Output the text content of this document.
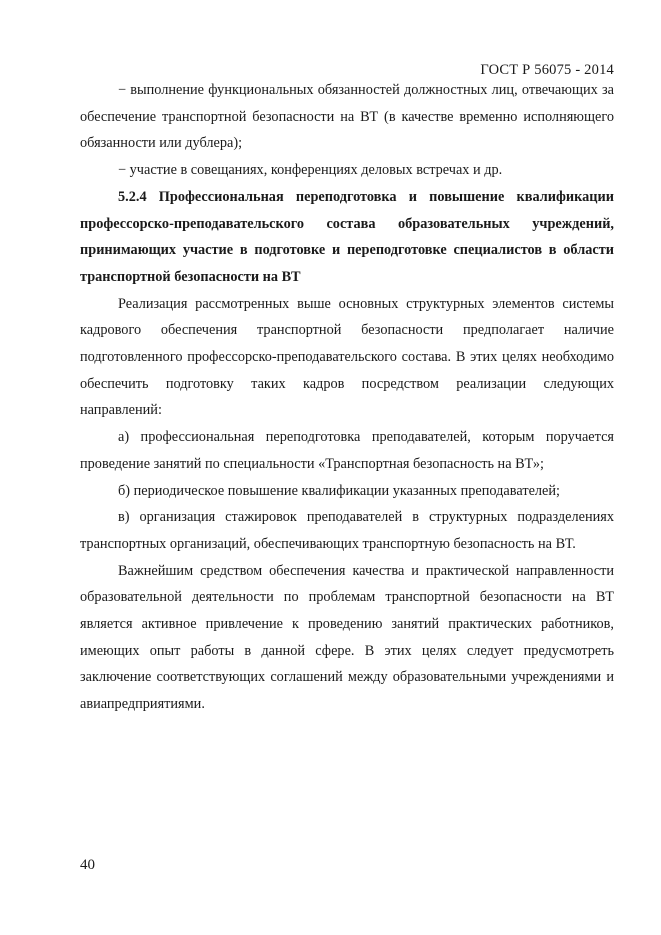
ГОСТ Р 56075 - 2014

− выполнение функциональных обязанностей должностных лиц, отвечающих за обеспечение транспортной безопасности на ВТ (в качестве временно исполняющего обязанности или дублера);

− участие в совещаниях, конференциях деловых встречах и др.

5.2.4 Профессиональная переподготовка и повышение квалификации профессорско-преподавательского состава образовательных учреждений, принимающих участие в подготовке и переподготовке специалистов в области транспортной безопасности на ВТ

Реализация рассмотренных выше основных структурных элементов системы кадрового обеспечения транспортной безопасности предполагает наличие подготовленного профессорско-преподавательского состава. В этих целях необходимо обеспечить подготовку таких кадров посредством реализации следующих направлений:

а) профессиональная переподготовка преподавателей, которым поручается проведение занятий по специальности «Транспортная безопасность на ВТ»;

б) периодическое повышение квалификации указанных преподавателей;

в) организация стажировок преподавателей в структурных подразделениях транспортных организаций, обеспечивающих транспортную безопасность на ВТ.

Важнейшим средством обеспечения качества и практической направленности образовательной деятельности по проблемам транспортной безопасности на ВТ является активное привлечение к проведению занятий практических работников, имеющих опыт работы в данной сфере. В этих целях следует предусмотреть заключение соответствующих соглашений между образовательными учреждениями и авиапредприятиями.

40
